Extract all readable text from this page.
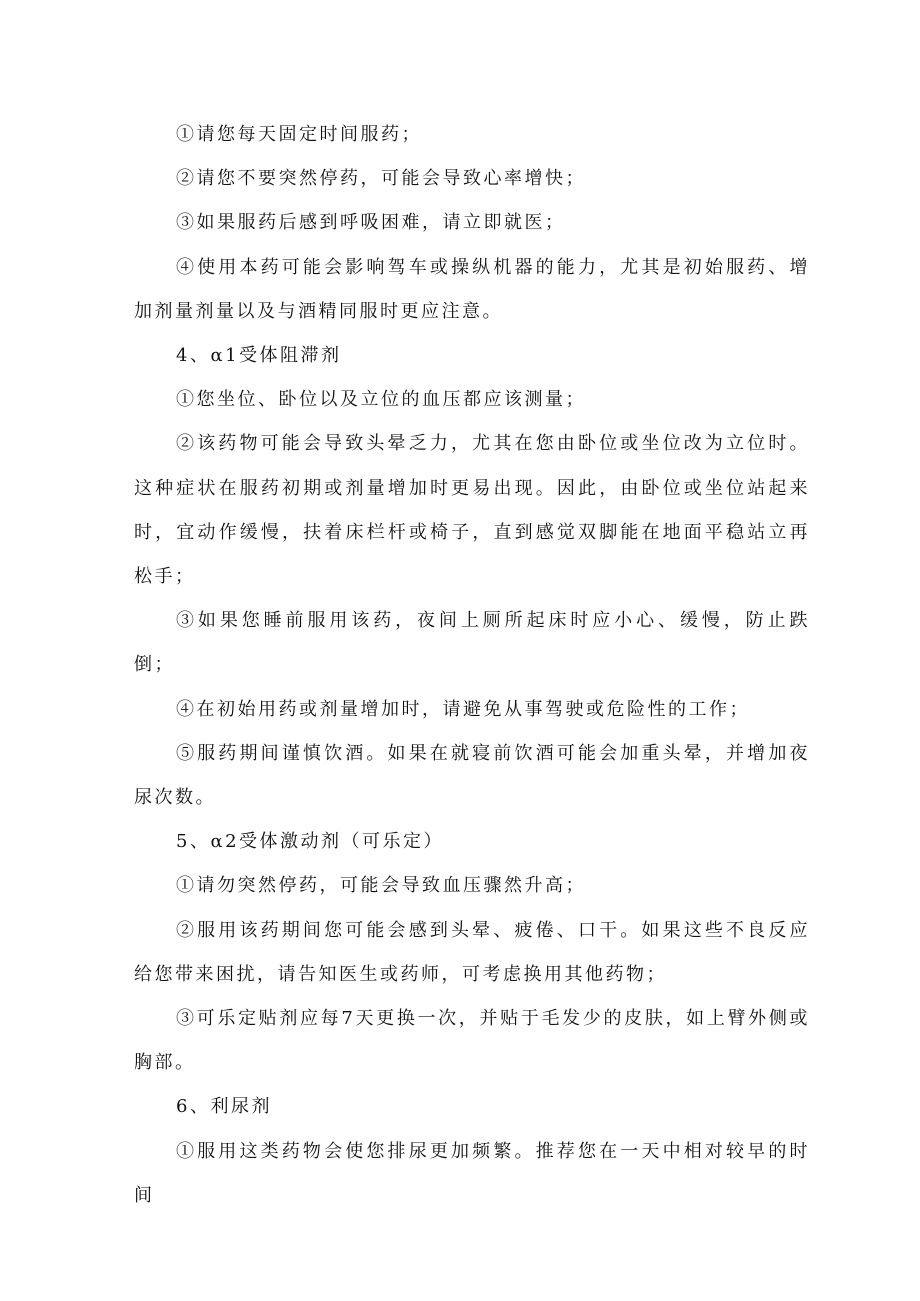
①请您每天固定时间服药；

②请您不要突然停药，可能会导致心率增快；

③如果服药后感到呼吸困难，请立即就医；

④使用本药可能会影响驾车或操纵机器的能力，尤其是初始服药、增加剂量剂量以及与酒精同服时更应注意。

4、α1受体阻滞剂

①您坐位、卧位以及立位的血压都应该测量；

②该药物可能会导致头晕乏力，尤其在您由卧位或坐位改为立位时。这种症状在服药初期或剂量增加时更易出现。因此，由卧位或坐位站起来时，宜动作缓慢，扶着床栏杆或椅子，直到感觉双脚能在地面平稳站立再松手；

③如果您睡前服用该药，夜间上厕所起床时应小心、缓慢，防止跌倒；

④在初始用药或剂量增加时，请避免从事驾驶或危险性的工作；

⑤服药期间谨慎饮酒。如果在就寝前饮酒可能会加重头晕，并增加夜尿次数。

5、α2受体激动剂（可乐定）

①请勿突然停药，可能会导致血压骤然升高；

②服用该药期间您可能会感到头晕、疲倦、口干。如果这些不良反应给您带来困扰，请告知医生或药师，可考虑换用其他药物；

③可乐定贴剂应每7天更换一次，并贴于毛发少的皮肤，如上臂外侧或胸部。

6、利尿剂

①服用这类药物会使您排尿更加频繁。推荐您在一天中相对较早的时间
